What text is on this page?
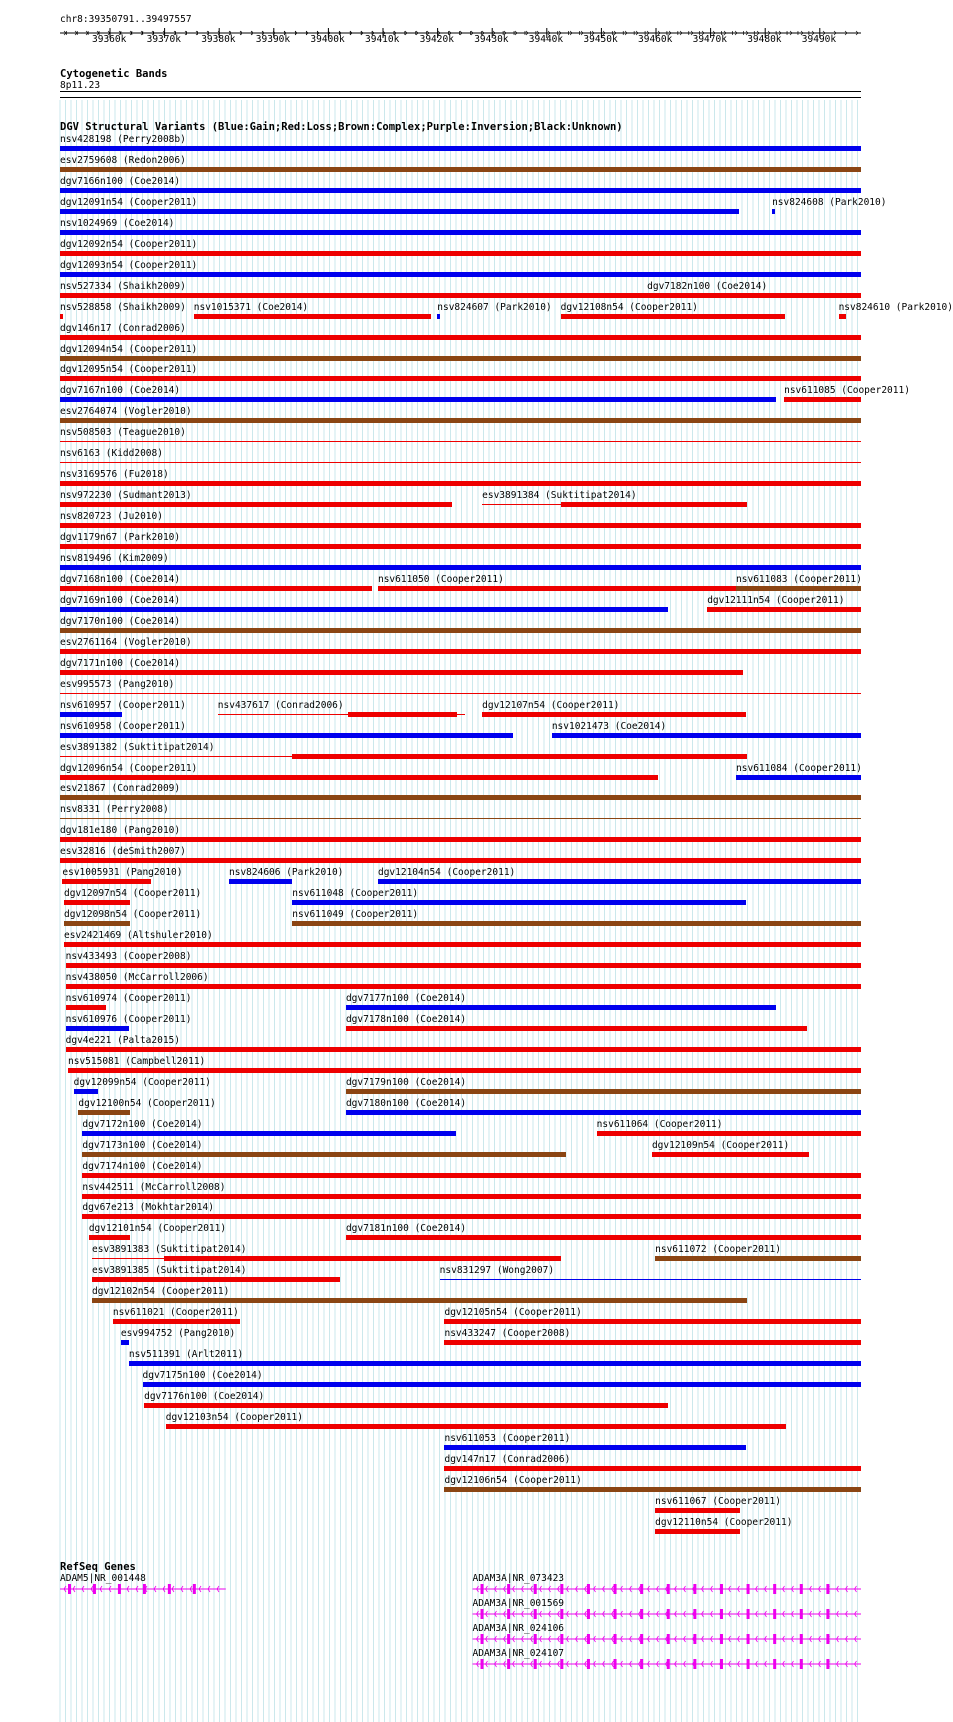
chr8:39350791..39497557
39360k 39370k 39380k 39390k 39400k 39410k 39420k 39430k 39440k 39450k 39460k 39470k 39480k 39490k
Cytogenetic Bands
8p11.23
DGV Structural Variants (Blue:Gain;Red:Loss;Brown:Complex;Purple:Inversion;Black:Unknown)
nsv428198 (Perry2008b)
esv2759608 (Redon2006)
dgv7166n100 (Coe2014)
dgv12091n54 (Cooper2011)	nsv824608 (Park2010)
nsv1024969 (Coe2014)
dgv12092n54 (Cooper2011)
dgv12093n54 (Cooper2011)
nsv527334 (Shaikh2009)	dgv7182n100 (Coe2014)
nsv528858 (Shaikh2009) nsv1015371 (Coe2014)	nsv824607 (Park2010) dgv12108n54 (Cooper2011)	nsv824610 (Park2010)
dgv146n17 (Conrad2006)
dgv12094n54 (Cooper2011)
dgv12095n54 (Cooper2011)
dgv7167n100 (Coe2014)	nsv611085 (Cooper2011)
esv2764074 (Vogler2010)
nsv508503 (Teague2010)
nsv6163 (Kidd2008)
nsv3169576 (Fu2018)
nsv972230 (Sudmant2013)	esv3891384 (Suktitipat2014)
nsv820723 (Ju2010)
dgv1179n67 (Park2010)
nsv819496 (Kim2009)
dgv7168n100 (Coe2014)	nsv611050 (Cooper2011)	nsv611083 (Cooper2011)
dgv7169n100 (Coe2014)	dgv12111n54 (Cooper2011)
dgv7170n100 (Coe2014)
esv2761164 (Vogler2010)
dgv7171n100 (Coe2014)
esv995573 (Pang2010)
nsv610957 (Cooper2011)	nsv437617 (Conrad2006)	dgv12107n54 (Cooper2011)
nsv610958 (Cooper2011)	nsv1021473 (Coe2014)
esv3891382 (Suktitipat2014)
dgv12096n54 (Cooper2011)	nsv611084 (Cooper2011)
esv21867 (Conrad2009)
nsv8331 (Perry2008)
dgv181e180 (Pang2010)
esv32816 (deSmith2007)
esv1005931 (Pang2010)	nsv824606 (Park2010)	dgv12104n54 (Cooper2011)
dgv12097n54 (Cooper2011)	nsv611048 (Cooper2011)
dgv12098n54 (Cooper2011)	nsv611049 (Cooper2011)
esv2421469 (Altshuler2010)
nsv433493 (Cooper2008)
nsv438050 (McCarroll2006)
nsv610974 (Cooper2011)	dgv7177n100 (Coe2014)
nsv610976 (Cooper2011)	dgv7178n100 (Coe2014)
dgv4e221 (Palta2015)
nsv515081 (Campbell2011)
dgv12099n54 (Cooper2011)	dgv7179n100 (Coe2014)
dgv12100n54 (Cooper2011)	dgv7180n100 (Coe2014)
dgv7172n100 (Coe2014)	nsv611064 (Cooper2011)
dgv7173n100 (Coe2014)	dgv12109n54 (Cooper2011)
dgv7174n100 (Coe2014)
nsv442511 (McCarroll2008)
dgv67e213 (Mokhtar2014)
dgv12101n54 (Cooper2011)	dgv7181n100 (Coe2014)
esv3891383 (Suktitipat2014)	nsv611072 (Cooper2011)
esv3891385 (Suktitipat2014)	nsv831297 (Wong2007)
dgv12102n54 (Cooper2011)
nsv611021 (Cooper2011)	dgv12105n54 (Cooper2011)
esv994752 (Pang2010)	nsv433247 (Cooper2008)
nsv511391 (Arlt2011)
dgv7175n100 (Coe2014)
dgv7176n100 (Coe2014)
dgv12103n54 (Cooper2011)
nsv611053 (Cooper2011)
dgv147n17 (Conrad2006)
dgv12106n54 (Cooper2011)
nsv611067 (Cooper2011)
dgv12110n54 (Cooper2011)
RefSeq Genes
ADAM5|NR_001448	ADAM3A|NR_073423
ADAM3A|NR_001569
ADAM3A|NR_024106
ADAM3A|NR_024107
